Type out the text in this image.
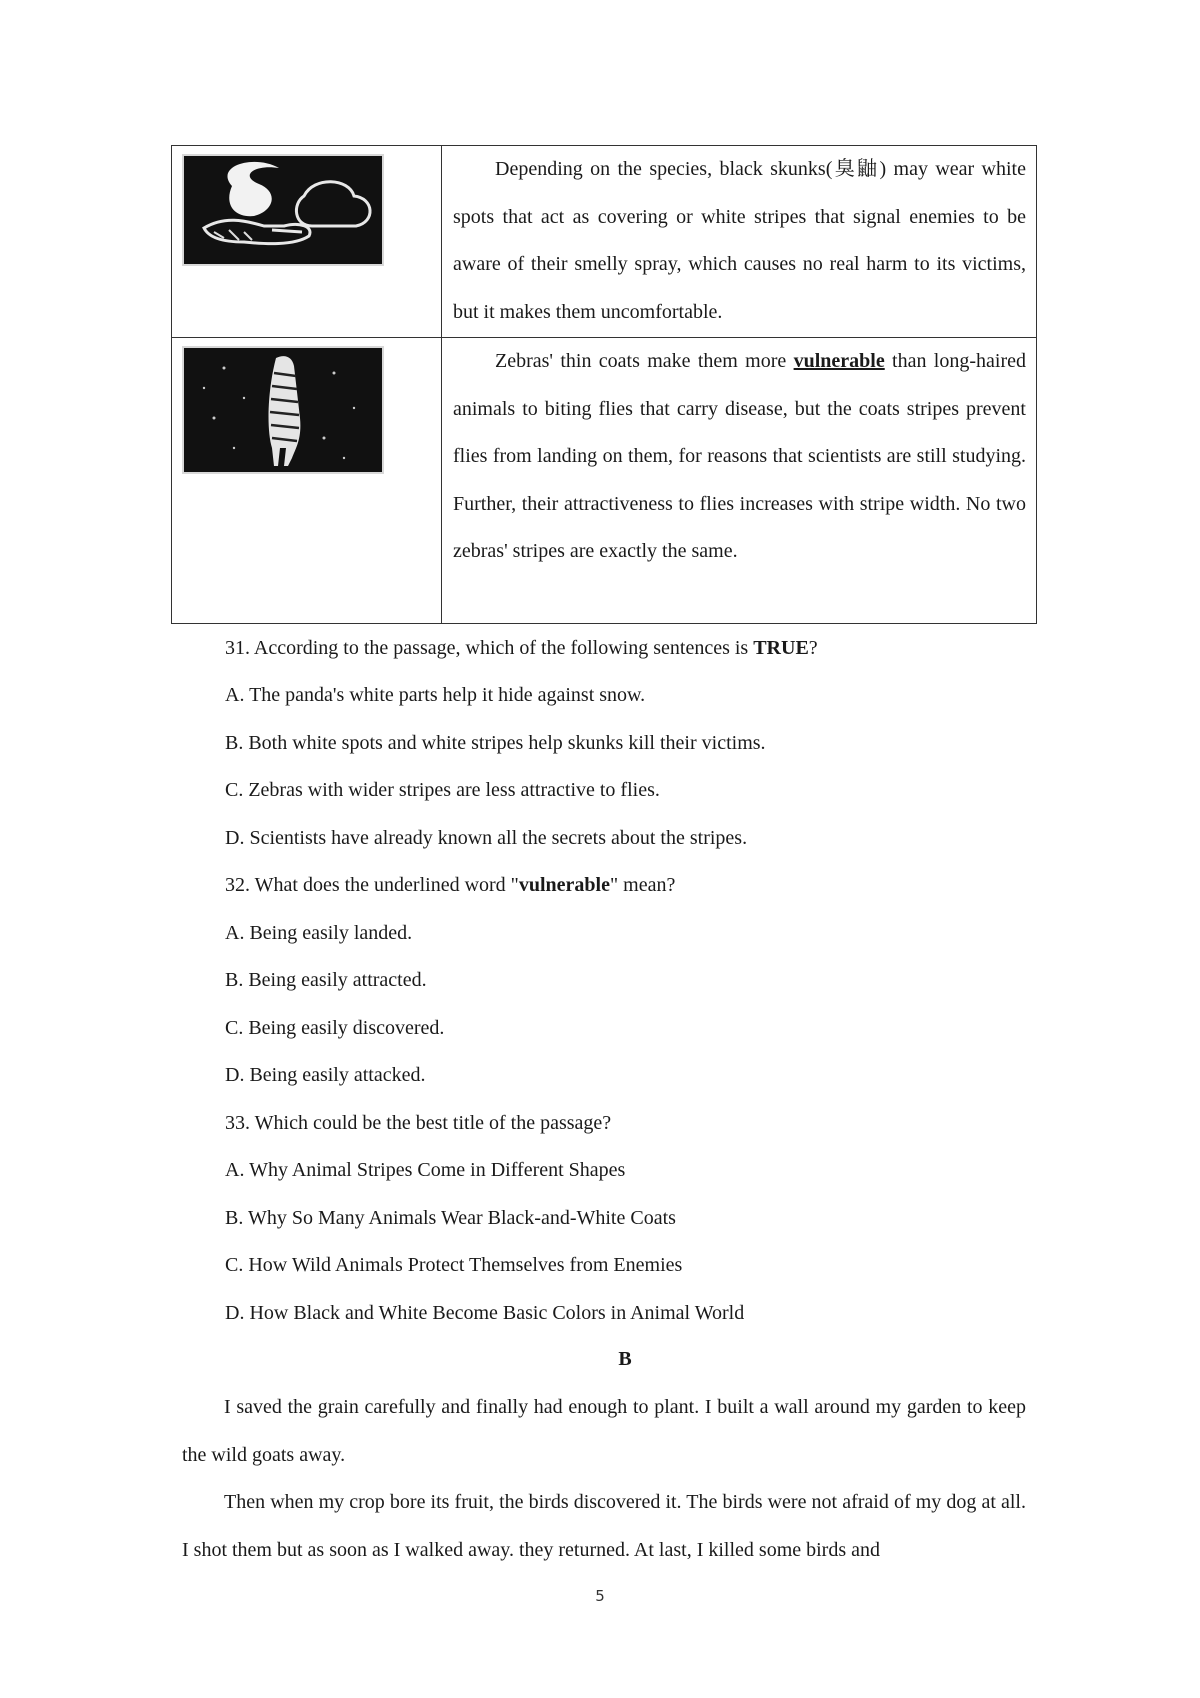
Depending on the species, black skunks(臭鼬) may wear white spots that act as covering or white stripes that signal enemies to be aware of their smelly spray, which causes no real harm to its victims, but it makes them uncomfortable.
Zebras' thin coats make them more vulnerable than long-haired animals to biting flies that carry disease, but the coats stripes prevent flies from landing on them, for reasons that scientists are still studying. Further, their attractiveness to flies increases with stripe width. No two zebras' stripes are exactly the same.
31. According to the passage, which of the following sentences is TRUE?
A. The panda's white parts help it hide against snow.
B. Both white spots and white stripes help skunks kill their victims.
C. Zebras with wider stripes are less attractive to flies.
D. Scientists have already known all the secrets about the stripes.
32. What does the underlined word "vulnerable" mean?
A. Being easily landed.
B. Being easily attracted.
C. Being easily discovered.
D. Being easily attacked.
33. Which could be the best title of the passage?
A. Why Animal Stripes Come in Different Shapes
B. Why So Many Animals Wear Black-and-White Coats
C. How Wild Animals Protect Themselves from Enemies
D. How Black and White Become Basic Colors in Animal World
B
I saved the grain carefully and finally had enough to plant. I built a wall around my garden to keep the wild goats away.
Then when my crop bore its fruit, the birds discovered it. The birds were not afraid of my dog at all. I shot them but as soon as I walked away. they returned. At last, I killed some birds and
5
